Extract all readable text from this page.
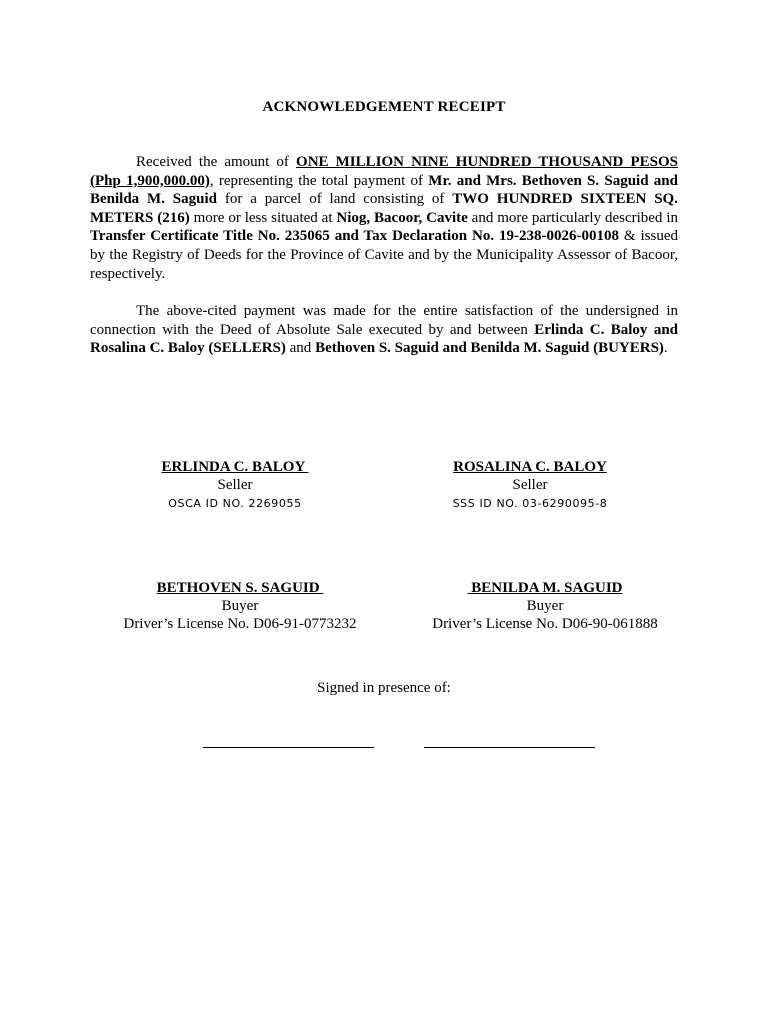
ACKNOWLEDGEMENT RECEIPT

Received the amount of ONE MILLION NINE HUNDRED THOUSAND PESOS (Php 1,900,000.00), representing the total payment of Mr. and Mrs. Bethoven S. Saguid and Benilda M. Saguid for a parcel of land consisting of TWO HUNDRED SIXTEEN SQ. METERS (216) more or less situated at Niog, Bacoor, Cavite and more particularly described in Transfer Certificate Title No. 235065 and Tax Declaration No. 19-238-0026-00108 & issued by the Registry of Deeds for the Province of Cavite and by the Municipality Assessor of Bacoor, respectively.

The above-cited payment was made for the entire satisfaction of the undersigned in connection with the Deed of Absolute Sale executed by and between Erlinda C. Baloy and Rosalina C. Baloy (SELLERS) and Bethoven S. Saguid and Benilda M. Saguid (BUYERS).

ERLINDA C. BALOY
Seller
OSCA ID NO. 2269055
ROSALINA C. BALOY
Seller
SSS ID NO. 03-6290095-8
BETHOVEN S. SAGUID
Buyer
Driver’s License No. D06-91-0773232
BENILDA M. SAGUID
Buyer
Driver’s License No. D06-90-061888
Signed in presence of:
